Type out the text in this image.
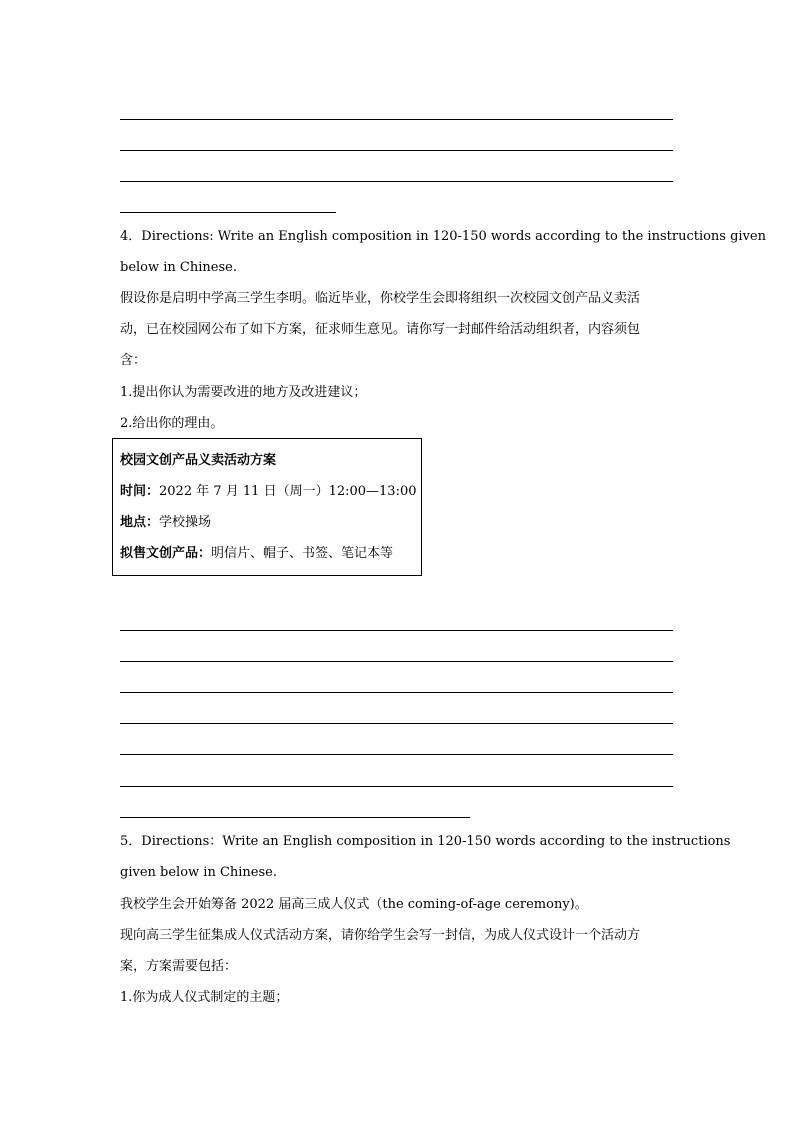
4．Directions: Write an English composition in 120-150 words according to the instructions given
below in Chinese.
假设你是启明中学高三学生李明。临近毕业，你校学生会即将组织一次校园文创产品义卖活
动，已在校园网公布了如下方案，征求师生意见。请你写一封邮件给活动组织者，内容须包
含：
1.提出你认为需要改进的地方及改进建议；
2.给出你的理由。
校园文创产品义卖活动方案
时间：2022 年 7 月 11 日（周一）12:00—13:00
地点：学校操场
拟售文创产品：明信片、帽子、书签、笔记本等
5．Directions：Write an English composition in 120-150 words according to the instructions
given below in Chinese.
我校学生会开始筹备 2022 届高三成人仪式（the coming-of-age ceremony)。
现向高三学生征集成人仪式活动方案，请你给学生会写一封信，为成人仪式设计一个活动方
案，方案需要包括：
1.你为成人仪式制定的主题；
